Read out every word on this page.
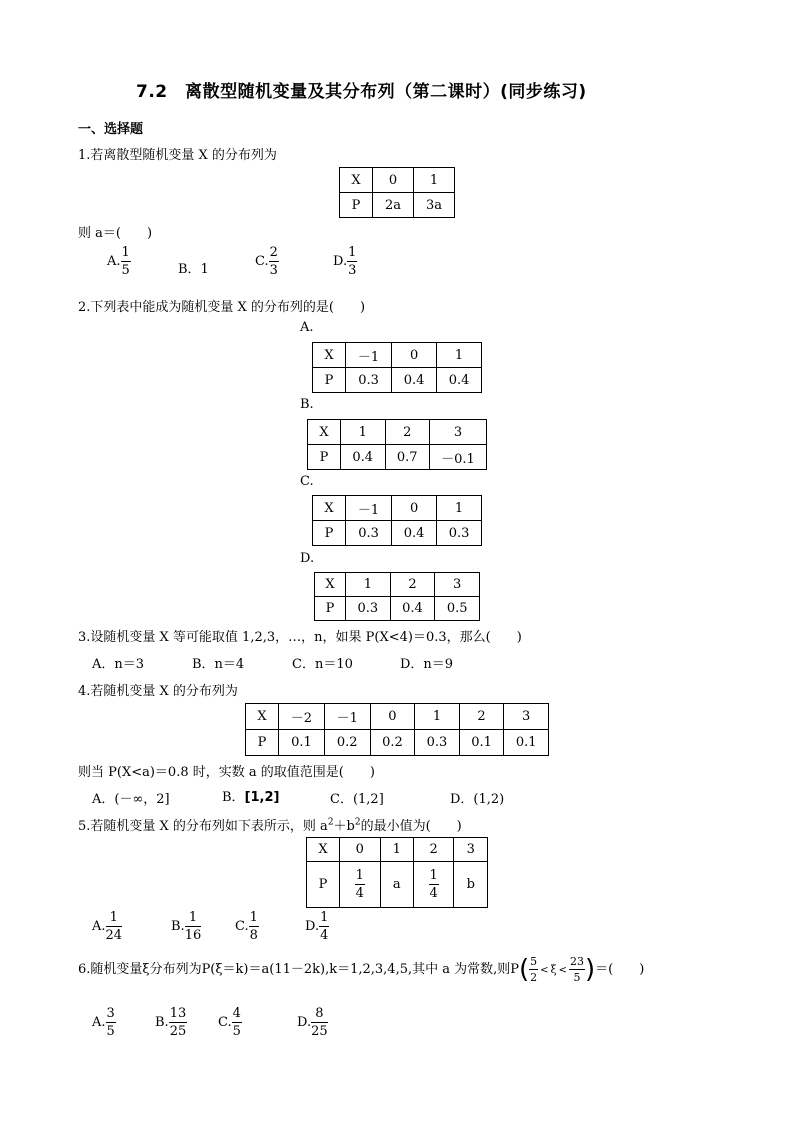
7.2　离散型随机变量及其分布列（第二课时）(同步练习)
一、选择题
1.若离散型随机变量 X 的分布列为
X	0	1
P	2a	3a
则 a＝(　　)
A. $\frac{1}{5}$	B．1
C. $\frac{2}{3}$	D. $\frac{1}{3}$
2.下列表中能成为随机变量 X 的分布列的是(　　)
A.
X	－1	0	1
P	0.3	0.4	0.4
B.
X	1	2	3
P	0.4	0.7	－0.1
C.
X	－1	0	1
P	0.3	0.4	0.3
D.
X	1	2	3
P	0.3	0.4	0.5
3.设随机变量 X 等可能取值 1,2,3，…，n，如果 P(X<4)＝0.3，那么(　　)
A．n＝3	B．n＝4	C．n＝10	D．n＝9
4.若随机变量 X 的分布列为
X	－2	－1	0	1	2	3
P	0.1	0.2	0.2	0.3	0.1	0.1
则当 P(X<a)＝0.8 时，实数 a 的取值范围是(　　)
A．(－∞，2]	B．[1,2]	C．(1,2]	D．(1,2)
5.若随机变量 X 的分布列如下表所示，则 $a^2+b^2$的最小值为(　　)
X	0	1	2	3
P	$\frac{1}{4}$	a	$\frac{1}{4}$	b
A. $\frac{1}{24}$	B. $\frac{1}{16}$	C. $\frac{1}{8}$	D. $\frac{1}{4}$
6.随机变量ξ分布列为P(ξ＝k)＝a(11－2k),k＝1,2,3,4,5,其中 a 为常数,则$P( \frac{5}{2} < \xi < \frac{23}{5}$ )＝(　　)
A. $\frac{3}{5}$	B. $\frac{13}{25} C$. $\frac{4}{5}$	D. $\frac{8}{25}$
